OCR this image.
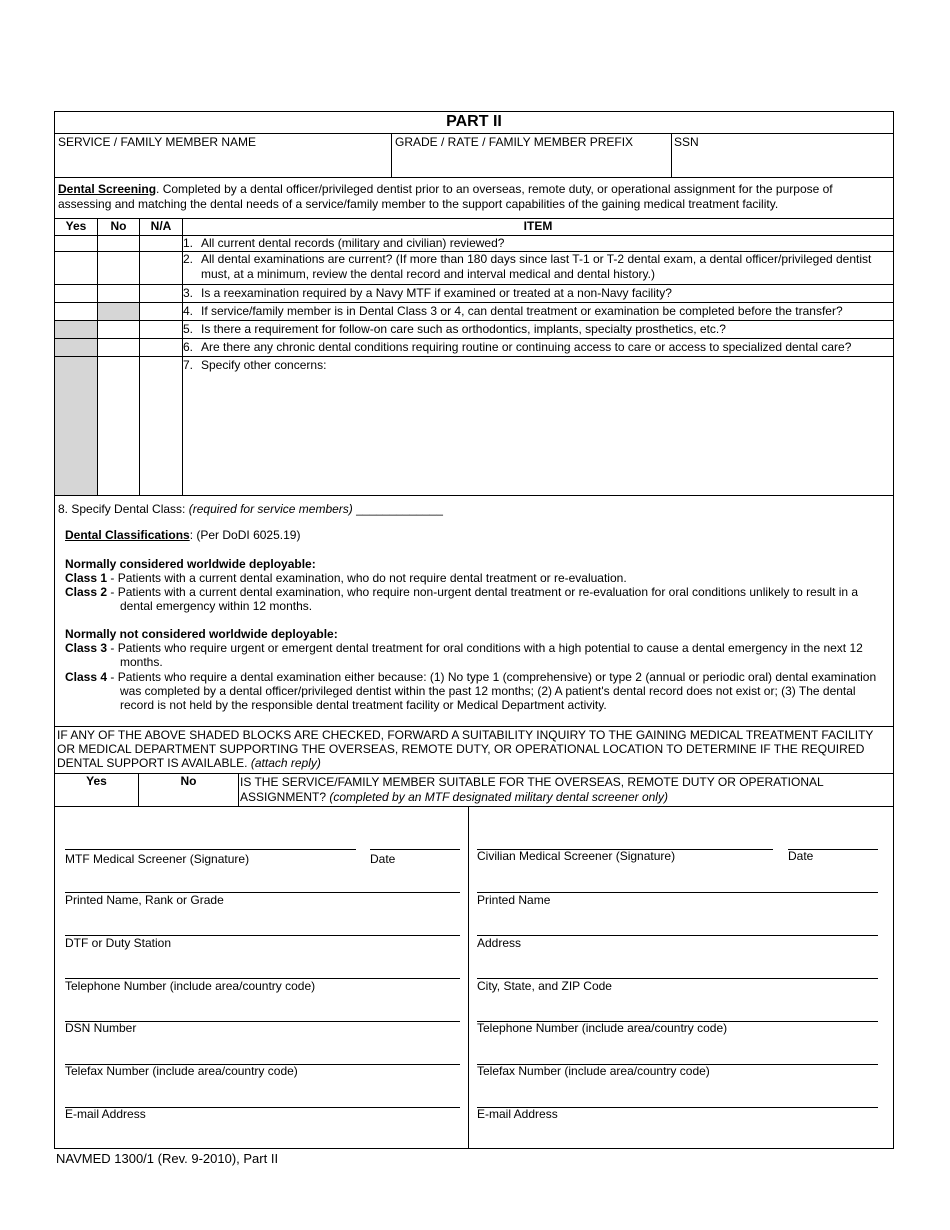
PART II
SERVICE / FAMILY MEMBER NAME	GRADE / RATE / FAMILY MEMBER PREFIX	SSN
Dental Screening. Completed by a dental officer/privileged dentist prior to an overseas, remote duty, or operational assignment for the purpose of assessing and matching the dental needs of a service/family member to the support capabilities of the gaining medical treatment facility.
Yes	No	N/A	ITEM
1. All current dental records (military and civilian) reviewed?
2. All dental examinations are current? (If more than 180 days since last T-1 or T-2 dental exam, a dental officer/privileged dentist must, at a minimum, review the dental record and interval medical and dental history.)
3. Is a reexamination required by a Navy MTF if examined or treated at a non-Navy facility?
4. If service/family member is in Dental Class 3 or 4, can dental treatment or examination be completed before the transfer?
5. Is there a requirement for follow-on care such as orthodontics, implants, specialty prosthetics, etc.?
6. Are there any chronic dental conditions requiring routine or continuing access to care or access to specialized dental care?
7. Specify other concerns:
8. Specify Dental Class: (required for service members) _____________
Dental Classifications: (Per DoDI 6025.19)
Normally considered worldwide deployable:
Class 1 - Patients with a current dental examination, who do not require dental treatment or re-evaluation.
Class 2 - Patients with a current dental examination, who require non-urgent dental treatment or re-evaluation for oral conditions unlikely to result in a dental emergency within 12 months.
Normally not considered worldwide deployable:
Class 3 - Patients who require urgent or emergent dental treatment for oral conditions with a high potential to cause a dental emergency in the next 12 months.
Class 4 - Patients who require a dental examination either because: (1) No type 1 (comprehensive) or type 2 (annual or periodic oral) dental examination was completed by a dental officer/privileged dentist within the past 12 months; (2) A patient's dental record does not exist or; (3) The dental record is not held by the responsible dental treatment facility or Medical Department activity.
IF ANY OF THE ABOVE SHADED BLOCKS ARE CHECKED, FORWARD A SUITABILITY INQUIRY TO THE GAINING MEDICAL TREATMENT FACILITY OR MEDICAL DEPARTMENT SUPPORTING THE OVERSEAS, REMOTE DUTY, OR OPERATIONAL LOCATION TO DETERMINE IF THE REQUIRED DENTAL SUPPORT IS AVAILABLE. (attach reply)
Yes	No	IS THE SERVICE/FAMILY MEMBER SUITABLE FOR THE OVERSEAS, REMOTE DUTY OR OPERATIONAL ASSIGNMENT? (completed by an MTF designated military dental screener only)
MTF Medical Screener (Signature)	Date
Printed Name, Rank or Grade
DTF or Duty Station
Telephone Number (include area/country code)
DSN Number
Telefax Number (include area/country code)
E-mail Address
Civilian Medical Screener (Signature)	Date
Printed Name
Address
City, State, and ZIP Code
Telephone Number (include area/country code)
Telefax Number (include area/country code)
E-mail Address
NAVMED 1300/1 (Rev. 9-2010), Part II
